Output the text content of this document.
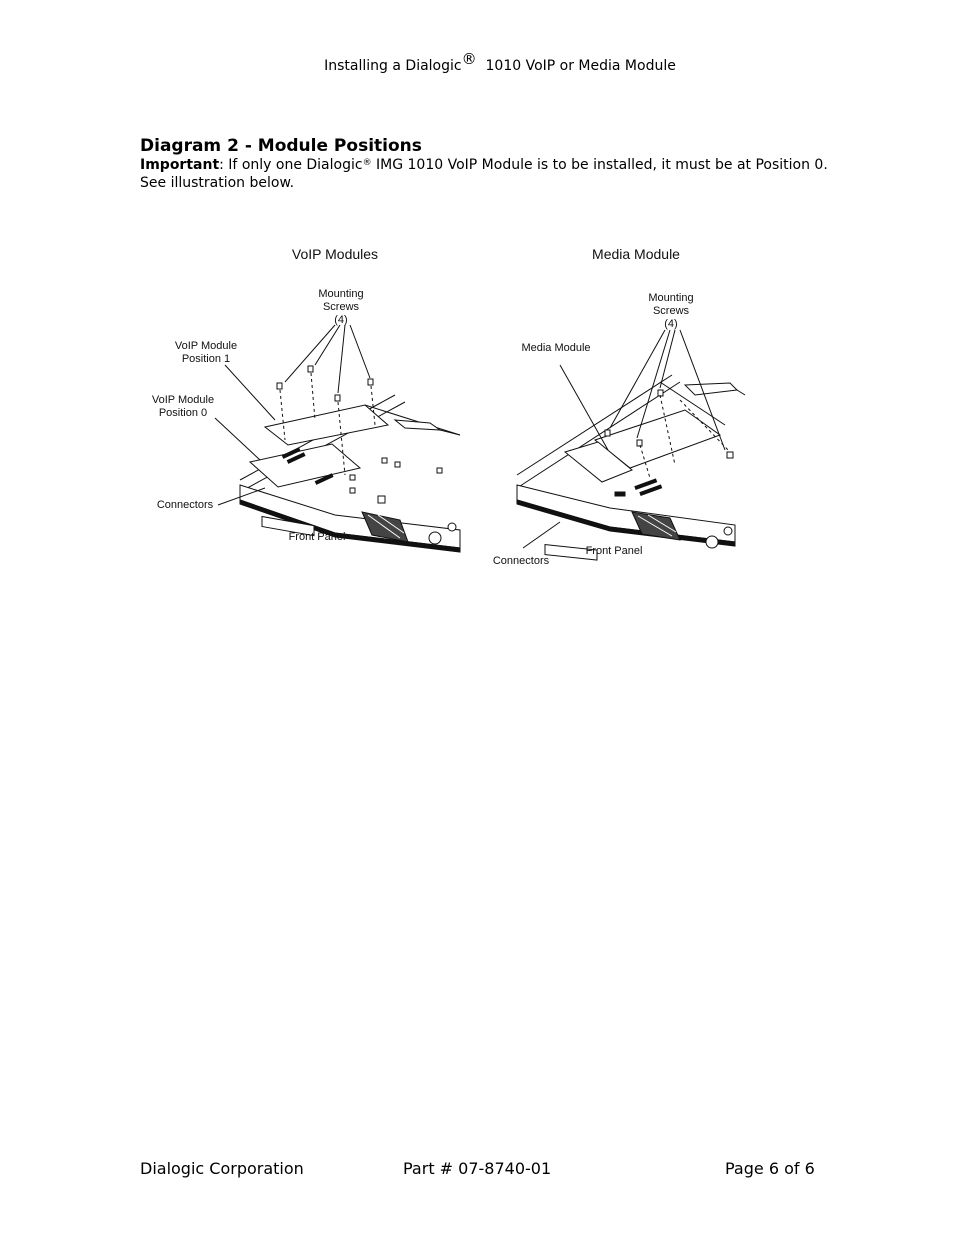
Installing a Dialogic® 1010 VoIP or Media Module
Diagram 2 - Module Positions
Important: If only one Dialogic® IMG 1010 VoIP Module is to be installed, it must be at Position 0.
See illustration below.
VoIP Modules
Mounting
Screws
(4)
VoIP Module
Position 1
VoIP Module
Position 0
Connectors
Front Panel
Media Module
Mounting
Screws
(4)
Media Module
Connectors
Front Panel
Dialogic Corporation	Part # 07-8740-01	Page 6 of 6
